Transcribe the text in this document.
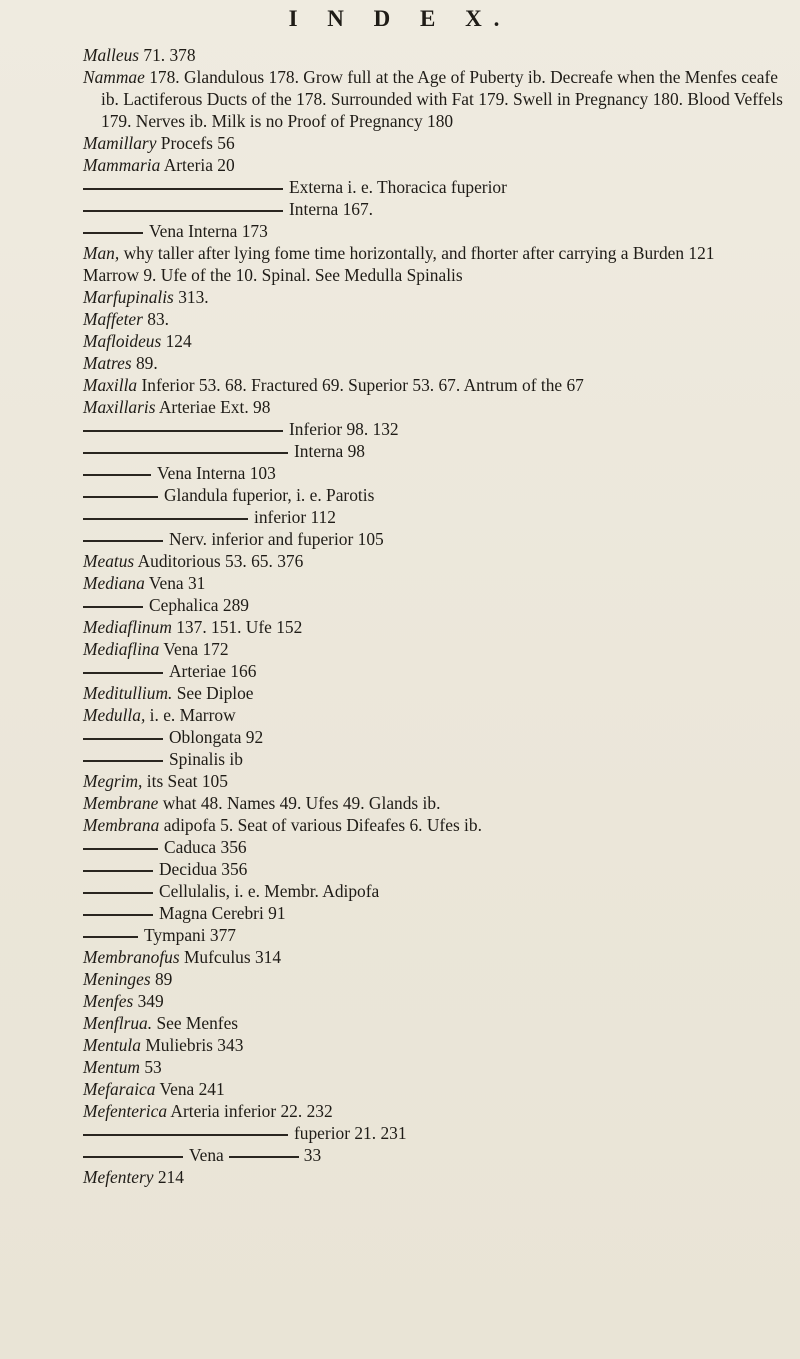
I N D E X.
Malleus 71. 378
Nammae 178. Glandulous 178. Grow full at the Age of Puberty ib. Decreafe when the Menfes ceafe ib. Lactiferous Ducts of the 178. Surrounded with Fat 179. Swell in Pregnancy 180. Blood Veffels 179. Nerves ib. Milk is no Proof of Pregnancy 180
Mamillary Procefs 56
Mammaria Arteria 20
Externa i. e. Thoracica fuperior
Interna 167.
Vena Interna 173
Man, why taller after lying fome time horizontally, and fhorter after carrying a Burden 121
Marrow 9. Ufe of the 10. Spinal. See Medulla Spinalis
Marfupinalis 313.
Maffeter 83.
Mafloideus 124
Matres 89.
Maxilla Inferior 53. 68. Fractured 69. Superior 53. 67. Antrum of the 67
Maxillaris Arteriae Ext. 98
Inferior 98. 132
Interna 98
Vena Interna 103
Glandula fuperior, i. e. Parotis
inferior 112
Nerv. inferior and fuperior 105
Meatus Auditorious 53. 65. 376
Mediana Vena 31
Cephalica 289
Mediaflinum 137. 151. Ufe 152
Mediaflina Vena 172
Arteriae 166
Meditullium. See Diploe
Medulla, i. e. Marrow
Oblongata 92
Spinalis ib
Megrim, its Seat 105
Membrane what 48. Names 49. Ufes 49. Glands ib.
Membrana adipofa 5. Seat of various Difeafes 6. Ufes ib.
Caduca 356
Decidua 356
Cellulalis, i. e. Membr. Adipofa
Magna Cerebri 91
Tympani 377
Membranofus Mufculus 314
Meninges 89
Menfes 349
Menflrua. See Menfes
Mentula Muliebris 343
Mentum 53
Mefaraica Vena 241
Mefenterica Arteria inferior 22. 232
fuperior 21. 231
Vena	33
Mefentery 214
